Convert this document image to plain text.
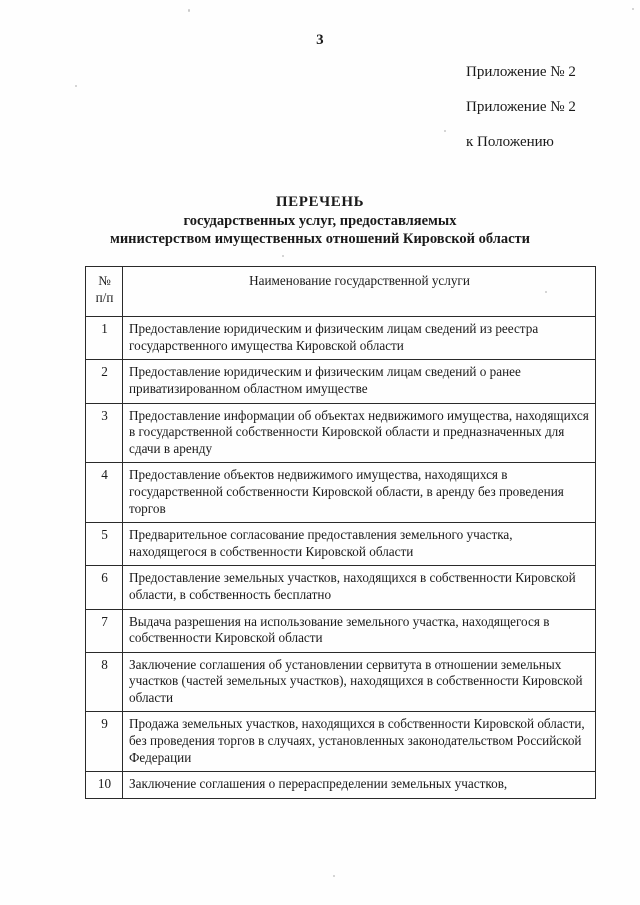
3
Приложение № 2
Приложение № 2
к Положению
ПЕРЕЧЕНЬ
государственных услуг, предоставляемых
министерством имущественных отношений Кировской области
№
п/п	Наименование государственной услуги
1	Предоставление юридическим и физическим лицам сведений из реестра государственного имущества Кировской области
2	Предоставление юридическим и физическим лицам сведений о ранее приватизированном областном имуществе
3	Предоставление информации об объектах недвижимого имущества, находящихся в государственной собственности Кировской области и предназначенных для сдачи в аренду
4	Предоставление объектов недвижимого имущества, находящихся в государственной собственности Кировской области, в аренду без проведения торгов
5	Предварительное согласование предоставления земельного участка, находящегося в собственности Кировской области
6	Предоставление земельных участков, находящихся в собственности Кировской области, в собственность бесплатно
7	Выдача разрешения на использование земельного участка, находящегося в собственности Кировской области
8	Заключение соглашения об установлении сервитута в отношении земельных участков (частей земельных участков), находящихся в собственности Кировской области
9	Продажа земельных участков, находящихся в собственности Кировской области, без проведения торгов в случаях, установленных законодательством Российской Федерации
10	Заключение соглашения о перераспределении земельных участков,
